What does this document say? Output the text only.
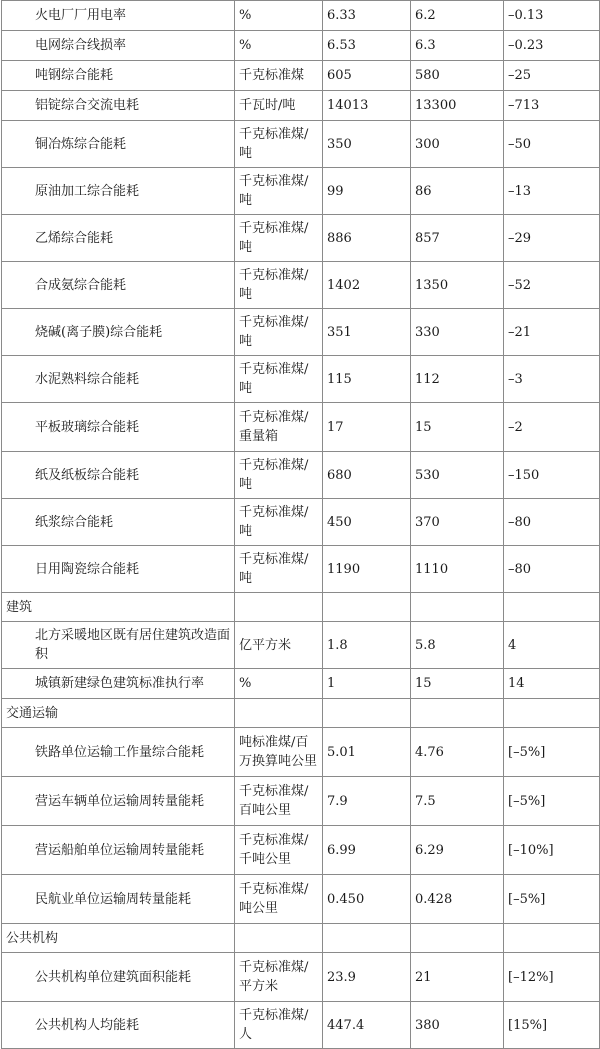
火电厂厂用电率	%	6.33	6.2	–0.13
电网综合线损率	%	6.53	6.3	–0.23
吨钢综合能耗	千克标准煤	605	580	–25
铝锭综合交流电耗	千瓦时/吨	14013	13300	–713
铜冶炼综合能耗	千克标准煤/吨	350	300	–50
原油加工综合能耗	千克标准煤/吨	99	86	–13
乙烯综合能耗	千克标准煤/吨	886	857	–29
合成氨综合能耗	千克标准煤/吨	1402	1350	–52
烧碱(离子膜)综合能耗	千克标准煤/吨	351	330	–21
水泥熟料综合能耗	千克标准煤/吨	115	112	–3
平板玻璃综合能耗	千克标准煤/重量箱	17	15	–2
纸及纸板综合能耗	千克标准煤/吨	680	530	–150
纸浆综合能耗	千克标准煤/吨	450	370	–80
日用陶瓷综合能耗	千克标准煤/吨	1190	1110	–80
建筑				
北方采暖地区既有居住建筑改造面积	亿平方米	1.8	5.8	4
城镇新建绿色建筑标准执行率	%	1	15	14
交通运输				
铁路单位运输工作量综合能耗	吨标准煤/百万换算吨公里	5.01	4.76	[–5%]
营运车辆单位运输周转量能耗	千克标准煤/百吨公里	7.9	7.5	[–5%]
营运船舶单位运输周转量能耗	千克标准煤/千吨公里	6.99	6.29	[–10%]
民航业单位运输周转量能耗	千克标准煤/吨公里	0.450	0.428	[–5%]
公共机构				
公共机构单位建筑面积能耗	千克标准煤/平方米	23.9	21	[–12%]
公共机构人均能耗	千克标准煤/人	447.4	380	[15%]
